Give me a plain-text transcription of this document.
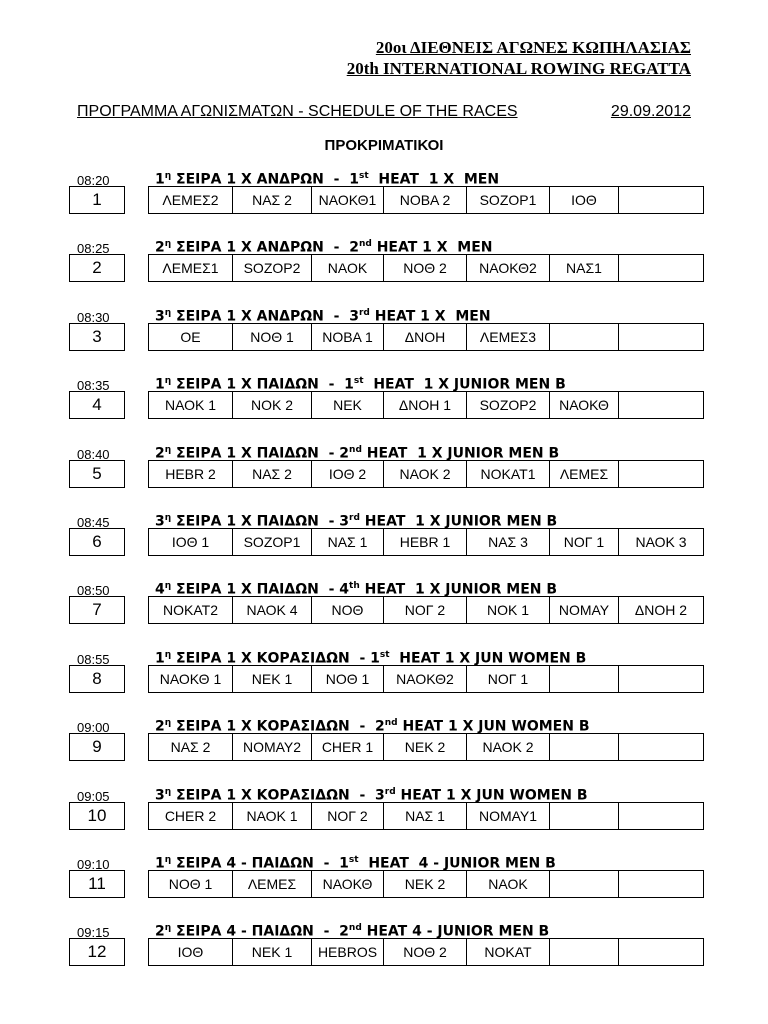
20οι ΔΙΕΘΝΕΙΣ ΑΓΩΝΕΣ ΚΩΠΗΛΑΣΙΑΣ
20th INTERNATIONAL ROWING REGATTA
ΠΡΟΓΡΑΜΜΑ ΑΓΩΝΙΣΜΑΤΩΝ - SCHEDULE OF THE RACES	29.09.2012
ΠΡΟΚΡΙΜΑΤΙΚΟΙ
08:20	$1^\eta$ ΣΕΙΡΑ 1 Χ ΑΝΔΡΩΝ  -  1st  HEAT  1 X  MEN
1	ΛΕΜΕΣ2	ΝΑΣ 2	ΝΑΟΚΘ1	ΝΟΒΑ 2	SOZOP1	ΙΟΘ	
08:25	$2^\eta$ ΣΕΙΡΑ 1 Χ ΑΝΔΡΩΝ  -  2nd HEAT 1 X  MEN
2	ΛΕΜΕΣ1	SOZOP2	ΝΑΟΚ	ΝΟΘ 2	ΝΑΟΚΘ2	ΝΑΣ1	
08:30	$3^\eta$ ΣΕΙΡΑ 1 Χ ΑΝΔΡΩΝ  -  3rd HEAT 1 X  MEN
3	ΟΕ	ΝΟΘ 1	ΝΟΒΑ 1	ΔΝΟΗ	ΛΕΜΕΣ3		
08:35	$1^\eta$ ΣΕΙΡΑ 1 Χ ΠΑΙΔΩΝ  -  1st  HEAT  1 X JUNIOR MEN B
4	ΝΑΟΚ 1	ΝΟΚ 2	ΝΕΚ	ΔΝΟΗ 1	SOZOP2	ΝΑΟΚΘ	
08:40	$2^\eta$ ΣΕΙΡΑ 1 Χ ΠΑΙΔΩΝ  - 2nd HEAT  1 X JUNIOR MEN B
5	HEBR 2	ΝΑΣ 2	ΙΟΘ 2	ΝΑΟΚ 2	ΝΟΚΑΤ1	ΛΕΜΕΣ	
08:45	$3^\eta$ ΣΕΙΡΑ 1 Χ ΠΑΙΔΩΝ  - 3rd HEAT  1 X JUNIOR MEN B
6	ΙΟΘ 1	SOZOP1	ΝΑΣ 1	HEBR 1	ΝΑΣ 3	ΝΟΓ 1	ΝΑΟΚ 3
08:50	$4^\eta$ ΣΕΙΡΑ 1 Χ ΠΑΙΔΩΝ  - 4th HEAT  1 X JUNIOR MEN B
7	ΝΟΚΑΤ2	ΝΑΟΚ 4	ΝΟΘ	ΝΟΓ 2	ΝΟΚ 1	ΝΟΜΑΥ	ΔΝΟΗ 2
08:55	$1^\eta$ ΣΕΙΡΑ 1 Χ ΚΟΡΑΣΙΔΩΝ  - 1st  HEAT 1 X JUN WOMEN B
8	ΝΑΟΚΘ 1	ΝΕΚ 1	ΝΟΘ 1	ΝΑΟΚΘ2	ΝΟΓ 1		
09:00	$2^\eta$ ΣΕΙΡΑ 1 Χ ΚΟΡΑΣΙΔΩΝ  -  2nd HEAT 1 X JUN WOMEN B
9	ΝΑΣ 2	ΝΟΜΑΥ2	CHER 1	ΝΕΚ 2	ΝΑΟΚ 2		
09:05	$3^\eta$ ΣΕΙΡΑ 1 Χ ΚΟΡΑΣΙΔΩΝ  -  3rd HEAT 1 X JUN WOMEN B
10	CHER 2	ΝΑΟΚ 1	ΝΟΓ 2	ΝΑΣ 1	ΝΟΜΑΥ1		
09:10	$1^\eta$ ΣΕΙΡΑ 4 - ΠΑΙΔΩΝ  -  1st  HEAT  4 - JUNIOR MEN B
11	ΝΟΘ 1	ΛΕΜΕΣ	ΝΑΟΚΘ	ΝΕΚ 2	ΝΑΟΚ		
09:15	$2^\eta$ ΣΕΙΡΑ 4 - ΠΑΙΔΩΝ  -  2nd HEAT 4 - JUNIOR MEN B
12	ΙΟΘ	ΝΕΚ 1	HEBROS	ΝΟΘ 2	ΝΟΚΑΤ		
